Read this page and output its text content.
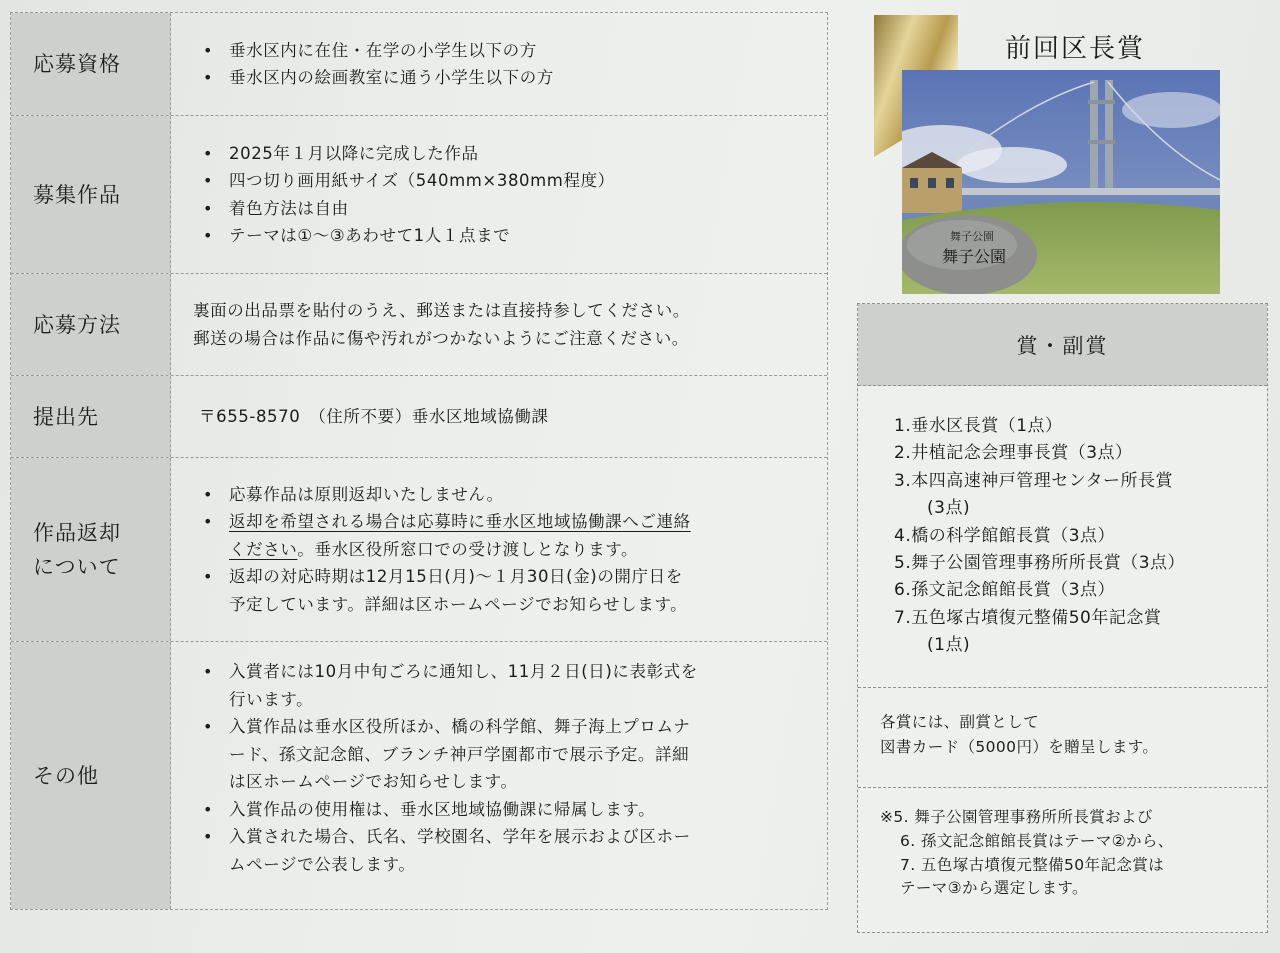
応募資格
• 垂水区内に在住・在学の小学生以下の方
• 垂水区内の絵画教室に通う小学生以下の方
募集作品
• 2025年１月以降に完成した作品
• 四つ切り画用紙サイズ（540mm×380mm程度）
• 着色方法は自由
• テーマは①～③あわせて1人１点まで
応募方法

裏面の出品票を貼付のうえ、郵送または直接持参してください。

郵送の場合は作品に傷や汚れがつかないようにご注意ください。

提出先	〒655-8570　（住所不要）垂水区地域協働課

作品返却
について
• 応募作品は原則返却いたしません。
• 返却を希望される場合は応募時に垂水区地域協働課へご連絡
ください。垂水区役所窓口での受け渡しとなります。
• 返却の対応時期は12月15日(月)～１月30日(金)の開庁日を
予定しています。詳細は区ホームページでお知らせします。
その他
• 入賞者には10月中旬ごろに通知し、11月２日(日)に表彰式を
行います。
• 入賞作品は垂水区役所ほか、橋の科学館、舞子海上プロムナ
ード、孫文記念館、ブランチ神戸学園都市で展示予定。詳細
は区ホームページでお知らせします。
• 入賞作品の使用権は、垂水区地域協働課に帰属します。
• 入賞された場合、氏名、学校園名、学年を展示および区ホー
ムページで公表します。
前回区長賞
舞子公園
舞子公園
賞・副賞
1.垂水区長賞（1点）
2.井植記念会理事長賞（3点）
3.本四高速神戸管理センター所長賞
(3点)
4.橋の科学館館長賞（3点）
5.舞子公園管理事務所所長賞（3点）
6.孫文記念館館長賞（3点）
7.五色塚古墳復元整備50年記念賞
(1点)
各賞には、副賞として
図書カード（5000円）を贈呈します。
※5. 舞子公園管理事務所所長賞および
6. 孫文記念館館長賞はテーマ②から、
7. 五色塚古墳復元整備50年記念賞は
テーマ③から選定します。
